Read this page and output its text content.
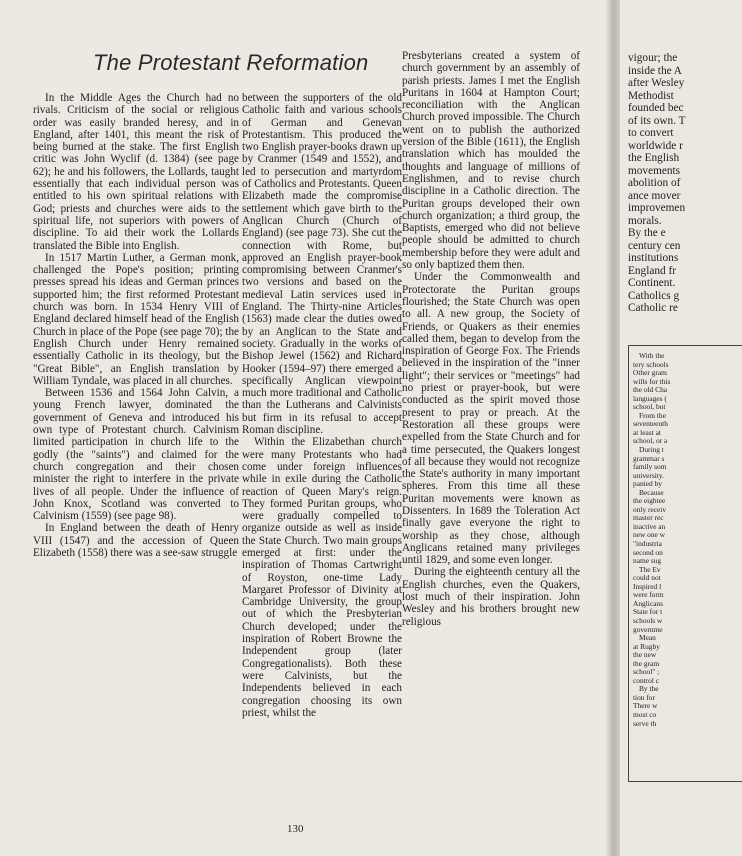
The Protestant Reformation

In the Middle Ages the Church had no rivals. Criticism of the social or religious order was easily branded heresy, and in England, after 1401, this meant the risk of being burned at the stake. The first English critic was John Wyclif (d. 1384) (see page 62); he and his followers, the Lollards, taught essentially that each individual person was entitled to his own spiritual relations with God; priests and churches were aids to the spiritual life, not superiors with powers of discipline. To aid their work the Lollards translated the Bible into English.

In 1517 Martin Luther, a German monk, challenged the Pope's position; printing presses spread his ideas and German princes supported him; the first reformed Protestant church was born. In 1534 Henry VIII of England declared himself head of the English Church in place of the Pope (see page 70); the English Church under Henry remained essentially Catholic in its theology, but the "Great Bible", an English translation by William Tyndale, was placed in all churches.

Between 1536 and 1564 John Calvin, a young French lawyer, dominated the government of Geneva and introduced his own type of Protestant church. Calvinism limited participation in church life to the godly (the "saints") and claimed for the church congregation and their chosen minister the right to interfere in the private lives of all people. Under the influence of John Knox, Scotland was converted to Calvinism (1559) (see page 98).

In England between the death of Henry VIII (1547) and the accession of Queen Elizabeth (1558) there was a see-saw struggle

between the supporters of the old Catholic faith and various schools of German and Genevan Protestantism. This produced the two English prayer-books drawn up by Cranmer (1549 and 1552), and led to persecution and martyrdom of Catholics and Protestants. Queen Elizabeth made the compromise settlement which gave birth to the Anglican Church (Church of England) (see page 73). She cut the connection with Rome, but approved an English prayer-book compromising between Cranmer's two versions and based on the medieval Latin services used in England. The Thirty-nine Articles (1563) made clear the duties owed by an Anglican to the State and society. Gradually in the works of Bishop Jewel (1562) and Richard Hooker (1594–97) there emerged a specifically Anglican viewpoint much more traditional and Catholic than the Lutherans and Calvinists but firm in its refusal to accept Roman discipline.

Within the Elizabethan church were many Protestants who had come under foreign influences while in exile during the Catholic reaction of Queen Mary's reign. They formed Puritan groups, who were gradually compelled to organize outside as well as inside the State Church. Two main groups emerged at first: under the inspiration of Thomas Cartwright of Royston, one-time Lady Margaret Professor of Divinity at Cambridge University, the group out of which the Presbyterian Church developed; under the inspiration of Robert Browne the Independent group (later Congregationalists). Both these were Calvinists, but the Independents believed in each congregation choosing its own priest, whilst the

Presbyterians created a system of church government by an assembly of parish priests. James I met the English Puritans in 1604 at Hampton Court; reconciliation with the Anglican Church proved impossible. The Church went on to publish the authorized version of the Bible (1611), the English translation which has moulded the thoughts and language of millions of Englishmen, and to revise church discipline in a Catholic direction. The Puritan groups developed their own church organization; a third group, the Baptists, emerged who did not believe people should be admitted to church membership before they were adult and so only baptized them then.

Under the Commonwealth and Protectorate the Puritan groups flourished; the State Church was open to all. A new group, the Society of Friends, or Quakers as their enemies called them, began to develop from the inspiration of George Fox. The Friends believed in the inspiration of the "inner light"; their services or "meetings" had no priest or prayer-book, but were conducted as the spirit moved those present to pray or preach. At the Restoration all these groups were expelled from the State Church and for a time persecuted, the Quakers longest of all because they would not recognize the State's authority in many important spheres. From this time all these Puritan movements were known as Dissenters. In 1689 the Toleration Act finally gave everyone the right to worship as they chose, although Anglicans retained many privileges until 1829, and some even longer.

During the eighteenth century all the English churches, even the Quakers, lost much of their inspiration. John Wesley and his brothers brought new religious

130
vigour; the
inside the A
after Wesley
Methodist
founded bec
of its own. T
to convert
worldwide r
the English
movements
abolition of
ance mover
improvemen
morals.
By the e
century cen
institutions
England fr
Continent.
Catholics g
Catholic re
With the
tery schools
Other gram
wills for this
the old Cha
languages (
school, but
From the
seventeenth
at least at
school, or a
During t
grammar s
family som
university.
panied by
Because
the eightee
only receiv
master rec
inactive an
new one w
"industria
second on
name sug
The Ev
could not
Inspired l
were form
Anglicans
State for t
schools w
governme
Mean
at Rugby
the new
the gram
school" ;
control c
By the
tion for
There w
most co
serve th
